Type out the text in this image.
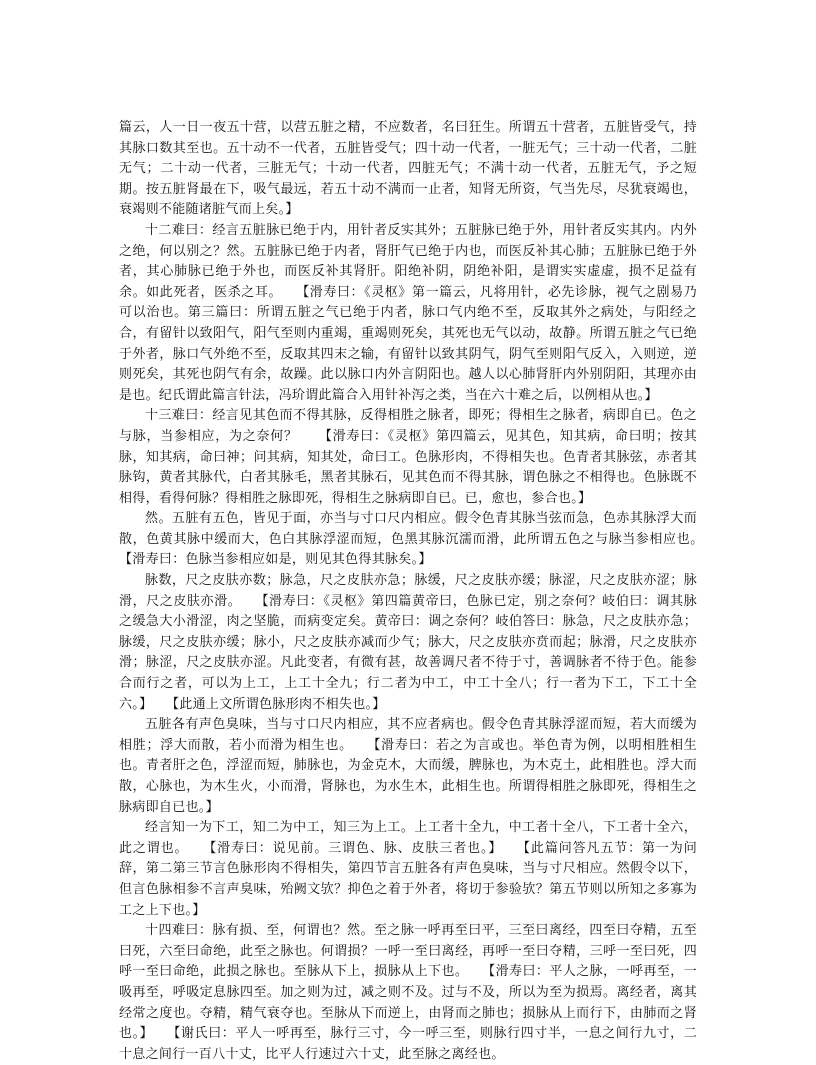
篇云，人一日一夜五十营，以营五脏之精，不应数者，名曰狂生。所谓五十营者，五脏皆受气，持其脉口数其至也。五十动不一代者，五脏皆受气；四十动一代者，一脏无气；三十动一代者，二脏无气；二十动一代者，三脏无气；十动一代者，四脏无气；不满十动一代者，五脏无气，予之短期。按五脏肾最在下，吸气最远，若五十动不满而一止者，知肾无所资，气当先尽，尽犹衰竭也，衰竭则不能随诸脏气而上矣。】

十二难曰：经言五脏脉已绝于内，用针者反实其外；五脏脉已绝于外，用针者反实其内。内外之绝，何以别之？然。五脏脉已绝于内者，肾肝气已绝于内也，而医反补其心肺；五脏脉已绝于外者，其心肺脉已绝于外也，而医反补其肾肝。阳绝补阴，阴绝补阳，是谓实实虚虚，损不足益有余。如此死者，医杀之耳。　　【滑寿曰：《灵枢》第一篇云，凡将用针，必先诊脉，视气之剧易乃可以治也。第三篇曰：所谓五脏之气已绝于内者，脉口气内绝不至，反取其外之病处，与阳经之合，有留针以致阳气，阳气至则内重竭，重竭则死矣，其死也无气以动，故静。所谓五脏之气已绝于外者，脉口气外绝不至，反取其四末之输，有留针以致其阴气，阴气至则阳气反入，入则逆，逆则死矣，其死也阴气有余，故躁。此以脉口内外言阴阳也。越人以心肺肾肝内外别阴阳，其理亦由是也。纪氏谓此篇言针法，冯玠谓此篇合入用针补泻之类，当在六十难之后，以例相从也。】

十三难曰：经言见其色而不得其脉，反得相胜之脉者，即死；得相生之脉者，病即自已。色之与脉，当参相应，为之奈何？　　【滑寿曰：《灵枢》第四篇云，见其色，知其病，命曰明；按其脉，知其病，命曰神；问其病，知其处，命曰工。色脉形肉，不得相失也。色青者其脉弦，赤者其脉钩，黄者其脉代，白者其脉毛，黑者其脉石，见其色而不得其脉，谓色脉之不相得也。色脉既不相得，看得何脉？得相胜之脉即死，得相生之脉病即自已。已，愈也，参合也。】

然。五脏有五色，皆见于面，亦当与寸口尺内相应。假令色青其脉当弦而急，色赤其脉浮大而散，色黄其脉中缓而大，色白其脉浮涩而短，色黑其脉沉濡而滑，此所谓五色之与脉当参相应也。　　【滑寿曰：色脉当参相应如是，则见其色得其脉矣。】

脉数，尺之皮肤亦数；脉急，尺之皮肤亦急；脉缓，尺之皮肤亦缓；脉涩，尺之皮肤亦涩；脉滑，尺之皮肤亦滑。　　【滑寿曰：《灵枢》第四篇黄帝曰，色脉已定，别之奈何？岐伯曰：调其脉之缓急大小滑涩，肉之坚脆，而病变定矣。黄帝曰：调之奈何？岐伯答曰：脉急，尺之皮肤亦急；脉缓，尺之皮肤亦缓；脉小，尺之皮肤亦减而少气；脉大，尺之皮肤亦贲而起；脉滑，尺之皮肤亦滑；脉涩，尺之皮肤亦涩。凡此变者，有微有甚，故善调尺者不待于寸，善调脉者不待于色。能参合而行之者，可以为上工，上工十全九；行二者为中工，中工十全八；行一者为下工，下工十全六。】　　【此通上文所谓色脉形肉不相失也。】

五脏各有声色臭味，当与寸口尺内相应，其不应者病也。假令色青其脉浮涩而短，若大而缓为相胜；浮大而散，若小而滑为相生也。　　【滑寿曰：若之为言或也。举色青为例，以明相胜相生也。青者肝之色，浮涩而短，肺脉也，为金克木，大而缓，脾脉也，为木克土，此相胜也。浮大而散，心脉也，为木生火，小而滑，肾脉也，为水生木，此相生也。所谓得相胜之脉即死，得相生之脉病即自已也。】

经言知一为下工，知二为中工，知三为上工。上工者十全九，中工者十全八，下工者十全六，此之谓也。　　【滑寿曰：说见前。三谓色、脉、皮肤三者也。】　　【此篇问答凡五节：第一为问辞，第二第三节言色脉形肉不得相失，第四节言五脏各有声色臭味，当与寸尺相应。然假令以下，但言色脉相参不言声臭味，殆阙文欤？抑色之着于外者，将切于参验欤？第五节则以所知之多寡为工之上下也。】

十四难曰：脉有损、至，何谓也？然。至之脉一呼再至曰平，三至曰离经，四至曰夺精，五至曰死，六至曰命绝，此至之脉也。何谓损？一呼一至曰离经，再呼一至曰夺精，三呼一至曰死，四呼一至曰命绝，此损之脉也。至脉从下上，损脉从上下也。　　【滑寿曰：平人之脉，一呼再至，一吸再至，呼吸定息脉四至。加之则为过，减之则不及。过与不及，所以为至为损焉。离经者，离其经常之度也。夺精，精气衰夺也。至脉从下而逆上，由肾而之肺也；损脉从上而行下，由肺而之肾也。】　　【谢氏曰：平人一呼再至，脉行三寸，今一呼三至，则脉行四寸半，一息之间行九寸，二十息之间行一百八十丈，比平人行速过六十丈，此至脉之离经也。
